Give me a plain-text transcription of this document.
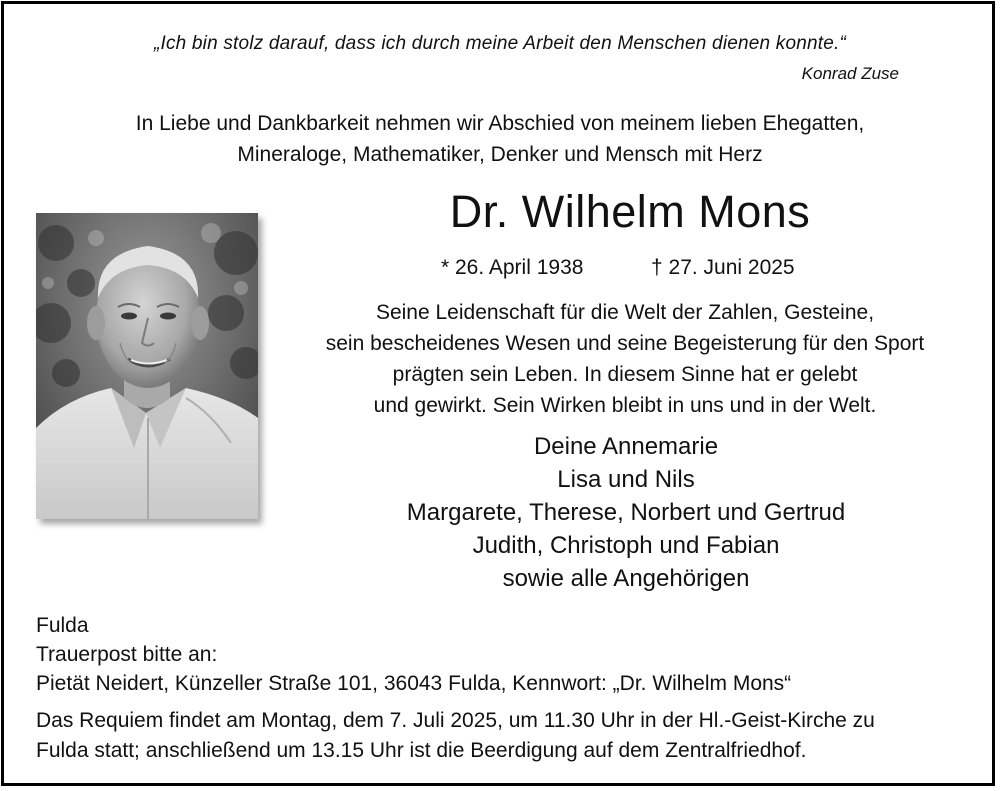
„Ich bin stolz darauf, dass ich durch meine Arbeit den Menschen dienen konnte.“
Konrad Zuse
In Liebe und Dankbarkeit nehmen wir Abschied von meinem lieben Ehegatten,
Mineraloge, Mathematiker, Denker und Mensch mit Herz
Dr. Wilhelm Mons
* 26. April 1938	† 27. Juni 2025
Seine Leidenschaft für die Welt der Zahlen, Gesteine,
sein bescheidenes Wesen und seine Begeisterung für den Sport
prägten sein Leben. In diesem Sinne hat er gelebt
und gewirkt. Sein Wirken bleibt in uns und in der Welt.
Deine Annemarie
Lisa und Nils
Margarete, Therese, Norbert und Gertrud
Judith, Christoph und Fabian
sowie alle Angehörigen
Fulda
Trauerpost bitte an:
Pietät Neidert, Künzeller Straße 101, 36043 Fulda, Kennwort: „Dr. Wilhelm Mons“
Das Requiem findet am Montag, dem 7. Juli 2025, um 11.30 Uhr in der Hl.-Geist-Kirche zu
Fulda statt; anschließend um 13.15 Uhr ist die Beerdigung auf dem Zentralfriedhof.
